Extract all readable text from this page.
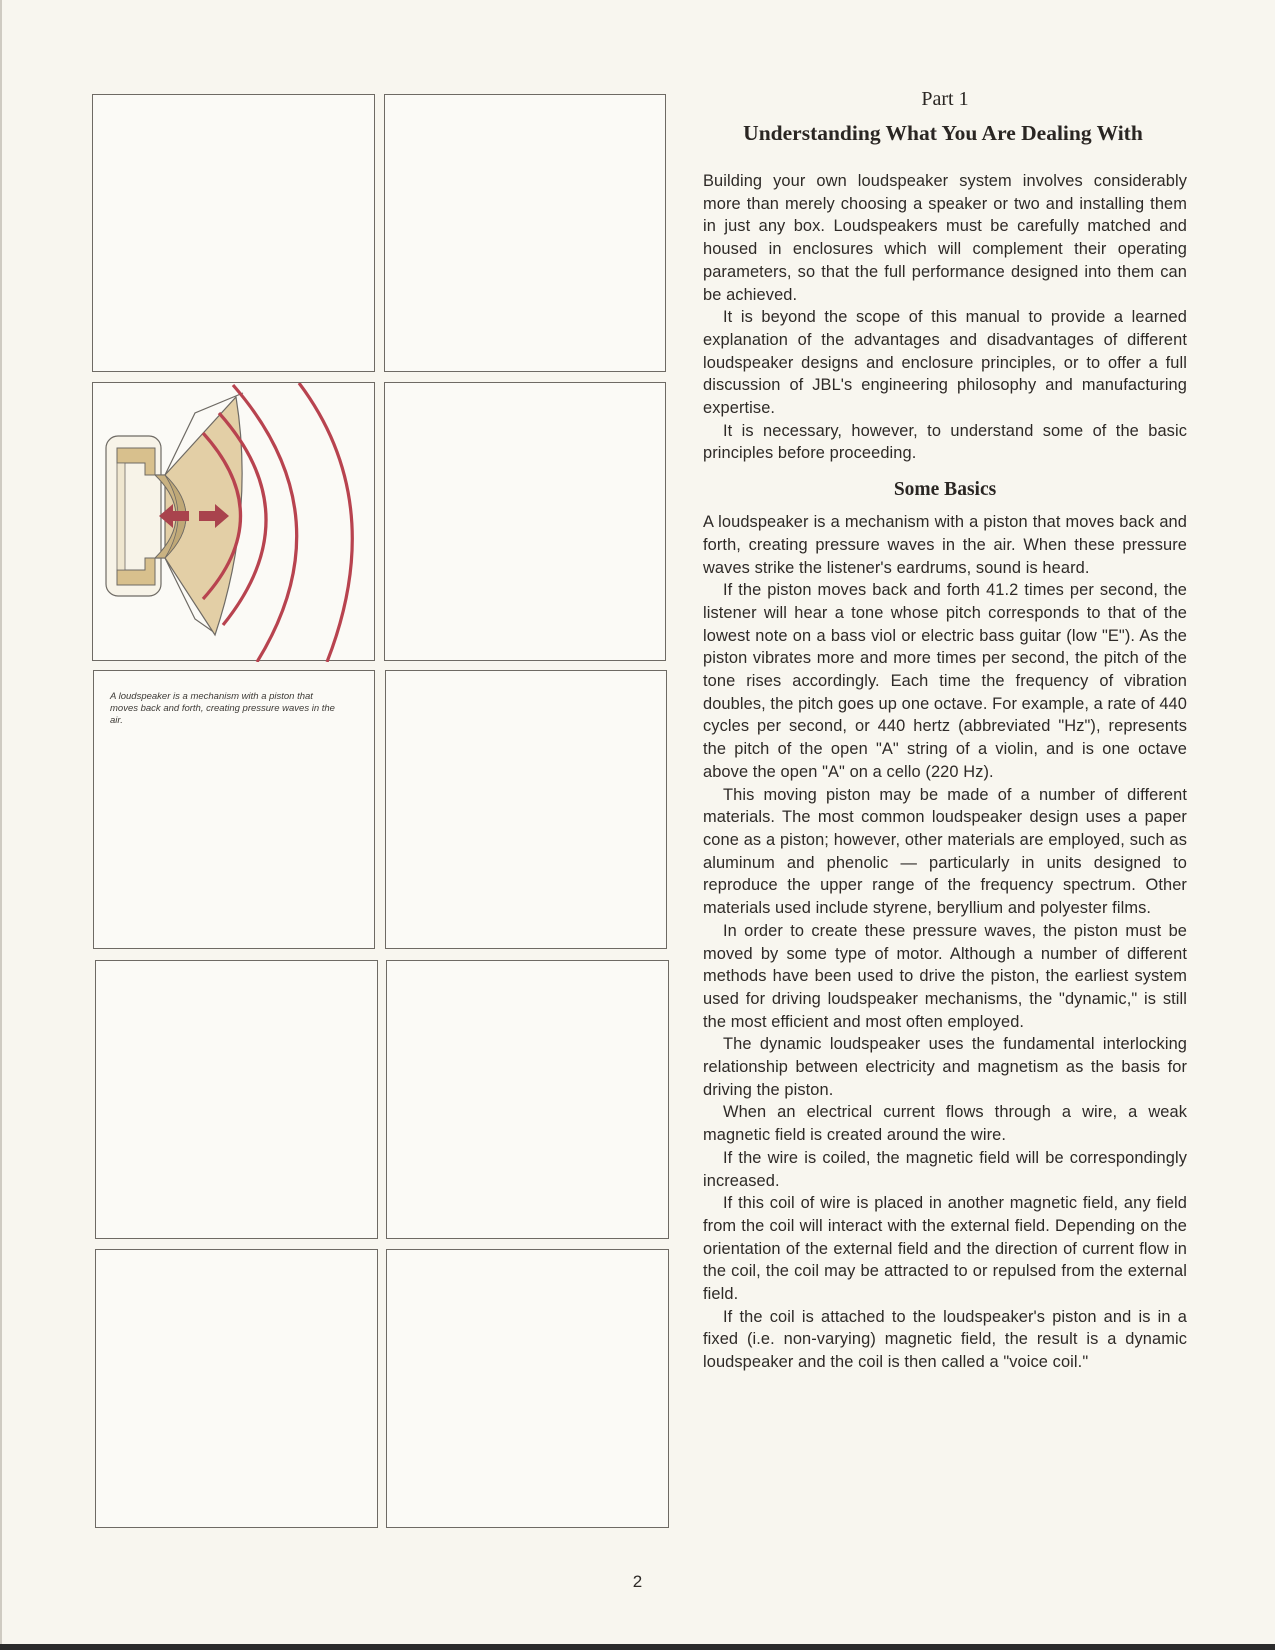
A loudspeaker is a mechanism with a piston that moves back and forth, creating pressure waves in the air.

Part 1

Understanding What You Are Dealing With

Building your own loudspeaker system involves considerably more than merely choosing a speaker or two and installing them in just any box. Loudspeakers must be carefully matched and housed in enclosures which will complement their operating parameters, so that the full performance designed into them can be achieved.

It is beyond the scope of this manual to provide a learned explanation of the advantages and disadvantages of different loudspeaker designs and enclosure principles, or to offer a full discussion of JBL's engineering philosophy and manufacturing expertise.

It is necessary, however, to understand some of the basic principles before proceeding.

Some Basics

A loudspeaker is a mechanism with a piston that moves back and forth, creating pressure waves in the air. When these pressure waves strike the listener's eardrums, sound is heard.

If the piston moves back and forth 41.2 times per second, the listener will hear a tone whose pitch corresponds to that of the lowest note on a bass viol or electric bass guitar (low "E"). As the piston vibrates more and more times per second, the pitch of the tone rises accordingly. Each time the frequency of vibration doubles, the pitch goes up one octave. For example, a rate of 440 cycles per second, or 440 hertz (abbreviated "Hz"), represents the pitch of the open "A" string of a violin, and is one octave above the open "A" on a cello (220 Hz).

This moving piston may be made of a number of different materials. The most common loudspeaker design uses a paper cone as a piston; however, other materials are employed, such as aluminum and phenolic — particularly in units designed to reproduce the upper range of the frequency spectrum. Other materials used include styrene, beryllium and polyester films.

In order to create these pressure waves, the piston must be moved by some type of motor. Although a number of different methods have been used to drive the piston, the earliest system used for driving loudspeaker mechanisms, the "dynamic," is still the most efficient and most often employed.

The dynamic loudspeaker uses the fundamental interlocking relationship between electricity and magnetism as the basis for driving the piston.

When an electrical current flows through a wire, a weak magnetic field is created around the wire.

If the wire is coiled, the magnetic field will be correspondingly increased.

If this coil of wire is placed in another magnetic field, any field from the coil will interact with the external field. Depending on the orientation of the external field and the direction of current flow in the coil, the coil may be attracted to or repulsed from the external field.

If the coil is attached to the loudspeaker's piston and is in a fixed (i.e. non-varying) magnetic field, the result is a dynamic loudspeaker and the coil is then called a "voice coil."

2
